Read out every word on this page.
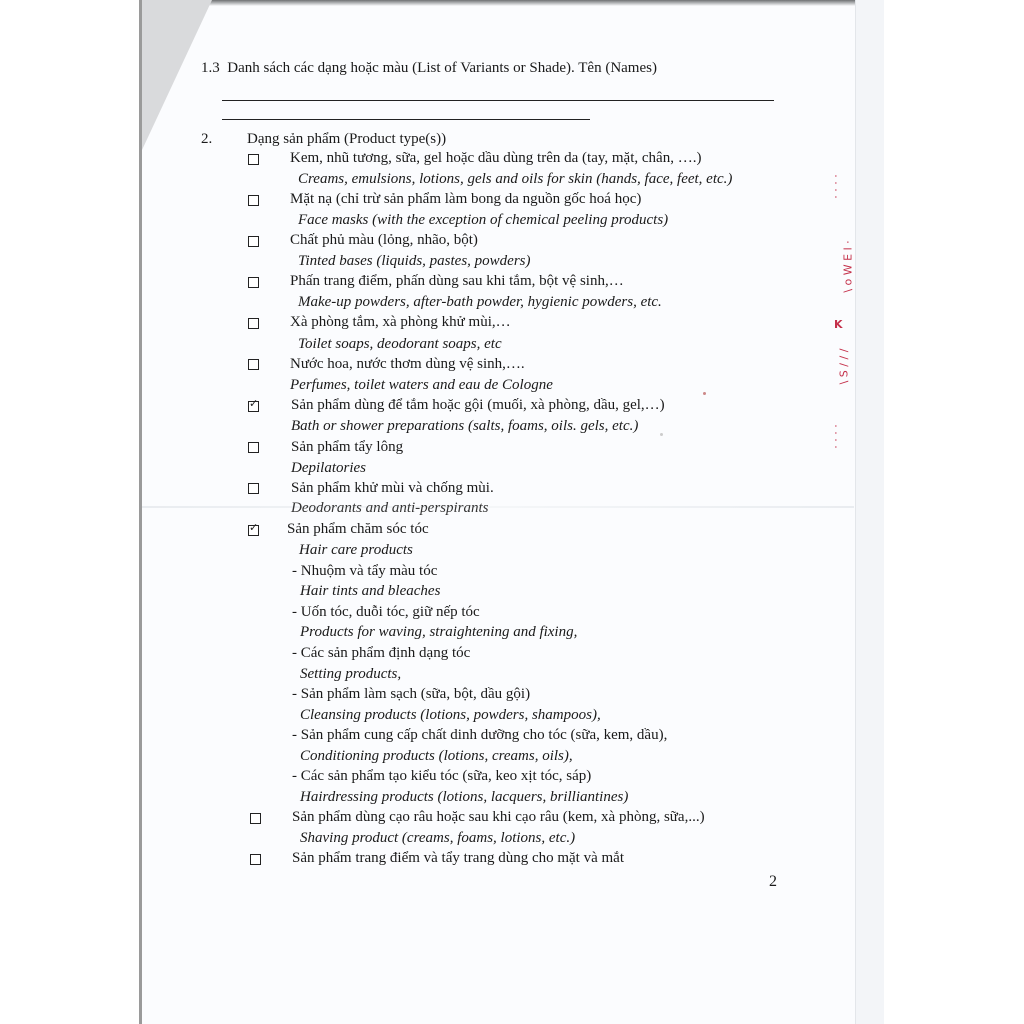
· · · ·
\ o W E l ·
K
\ S / / /
· · · ·
1.3 Danh sách các dạng hoặc màu (List of Variants or Shade). Tên (Names)
2. Dạng sản phẩm (Product type(s))
Kem, nhũ tương, sữa, gel hoặc dầu dùng trên da (tay, mặt, chân, ….)
Creams, emulsions, lotions, gels and oils for skin (hands, face, feet, etc.)
Mặt nạ (chỉ trừ sản phẩm làm bong da nguồn gốc hoá học)
Face masks (with the exception of chemical peeling products)
Chất phủ màu (lỏng, nhão, bột)
Tinted bases (liquids, pastes, powders)
Phấn trang điểm, phấn dùng sau khi tắm, bột vệ sinh,…
Make-up powders, after-bath powder, hygienic powders, etc.
Xà phòng tắm, xà phòng khử mùi,…
Toilet soaps, deodorant soaps, etc
Nước hoa, nước thơm dùng vệ sinh,….
Perfumes, toilet waters and eau de Cologne
✓
Sản phẩm dùng để tắm hoặc gội (muối, xà phòng, dầu, gel,…)
Bath or shower preparations (salts, foams, oils. gels, etc.)
Sản phẩm tẩy lông
Depilatories
Sản phẩm khử mùi và chống mùi.
Deodorants and anti-perspirants
✓
Sản phẩm chăm sóc tóc
Hair care products
- Nhuộm và tẩy màu tóc
Hair tints and bleaches
- Uốn tóc, duỗi tóc, giữ nếp tóc
Products for waving, straightening and fixing,
- Các sản phẩm định dạng tóc
Setting products,
- Sản phẩm làm sạch (sữa, bột, dầu gội)
Cleansing products (lotions, powders, shampoos),
- Sản phẩm cung cấp chất dinh dưỡng cho tóc (sữa, kem, dầu),
Conditioning products (lotions, creams, oils),
- Các sản phẩm tạo kiểu tóc (sữa, keo xịt tóc, sáp)
Hairdressing products (lotions, lacquers, brilliantines)
Sản phẩm dùng cạo râu hoặc sau khi cạo râu (kem, xà phòng, sữa,...)
Shaving product (creams, foams, lotions, etc.)
Sản phẩm trang điểm và tẩy trang dùng cho mặt và mắt
2
